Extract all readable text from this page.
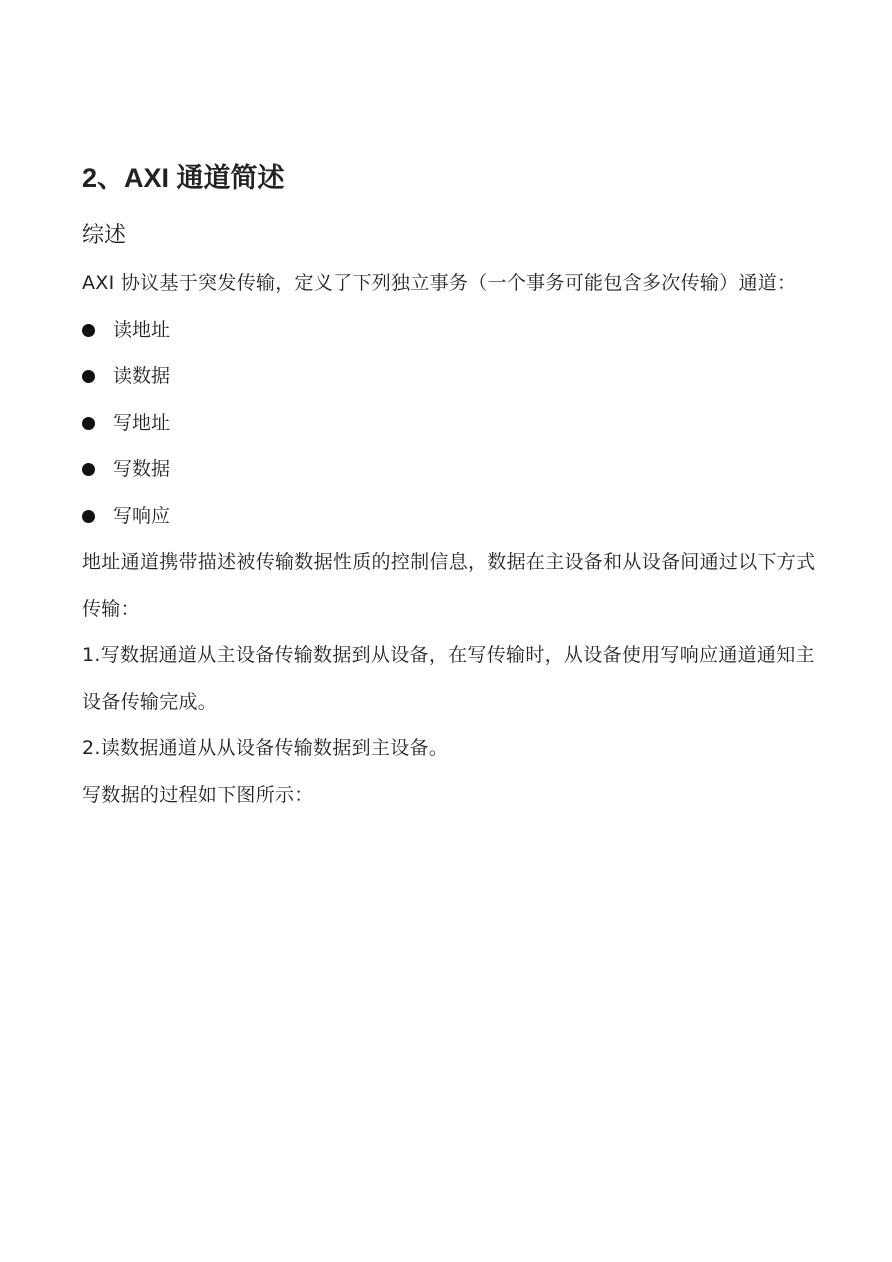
2、AXI 通道简述
综述

AXI 协议基于突发传输，定义了下列独立事务（一个事务可能包含多次传输）通道：

读地址
读数据
写地址
写数据
写响应

地址通道携带描述被传输数据性质的控制信息，数据在主设备和从设备间通过以下方式传输：

1.写数据通道从主设备传输数据到从设备，在写传输时，从设备使用写响应通道通知主设备传输完成。

2.读数据通道从从设备传输数据到主设备。

写数据的过程如下图所示：
